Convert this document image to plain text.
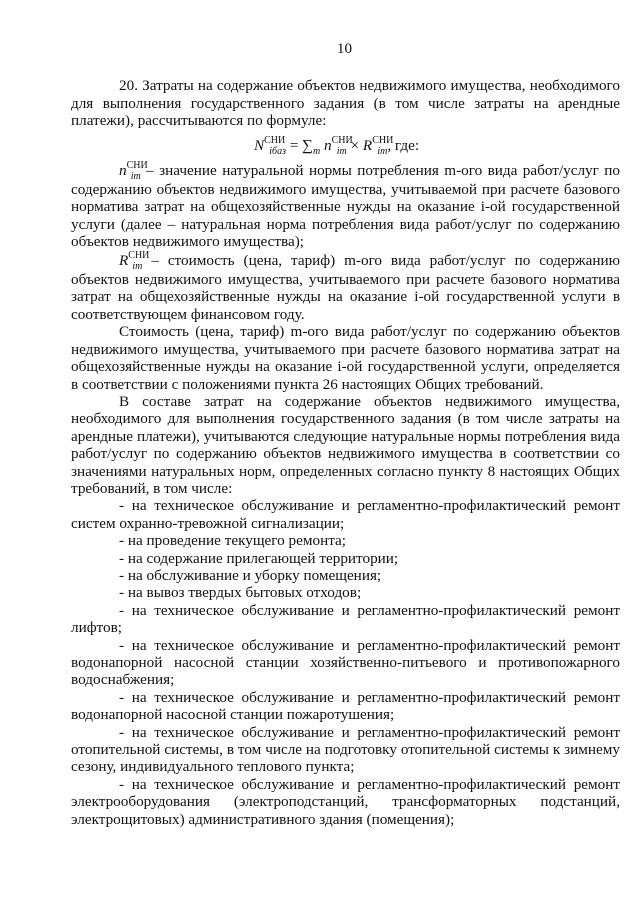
10

20. Затраты на содержание объектов недвижимого имущества, необходимого для выполнения государственного задания (в том числе затраты на арендные платежи), рассчитываются по формуле:

$N^{СНИ}_{iбаз} = \sum_m$ $n^{СНИ}_{im} \times R^{СНИ}_{im}$, где:

$n^{СНИ}_{im}$ – значение натуральной нормы потребления m-ого вида работ/услуг по содержанию объектов недвижимого имущества, учитываемой при расчете базового норматива затрат на общехозяйственные нужды на оказание i-ой государственной услуги (далее – натуральная норма потребления вида работ/услуг по содержанию объектов недвижимого имущества);

$R^{СНИ}_{im}$ – стоимость (цена, тариф) m-ого вида работ/услуг по содержанию объектов недвижимого имущества, учитываемого при расчете базового норматива затрат на общехозяйственные нужды на оказание i-ой государственной услуги в соответствующем финансовом году.

Стоимость (цена, тариф) m-ого вида работ/услуг по содержанию объектов недвижимого имущества, учитываемого при расчете базового норматива затрат на общехозяйственные нужды на оказание i-ой государственной услуги, определяется в соответствии с положениями пункта 26 настоящих Общих требований.

В составе затрат на содержание объектов недвижимого имущества, необходимого для выполнения государственного задания (в том числе затраты на арендные платежи), учитываются следующие натуральные нормы потребления вида работ/услуг по содержанию объектов недвижимого имущества в соответствии со значениями натуральных норм, определенных согласно пункту 8 настоящих Общих требований, в том числе:

- на техническое обслуживание и регламентно-профилактический ремонт систем охранно-тревожной сигнализации;

- на проведение текущего ремонта;

- на содержание прилегающей территории;

- на обслуживание и уборку помещения;

- на вывоз твердых бытовых отходов;

- на техническое обслуживание и регламентно-профилактический ремонт лифтов;

- на техническое обслуживание и регламентно-профилактический ремонт водонапорной насосной станции хозяйственно-питьевого и противопожарного водоснабжения;

- на техническое обслуживание и регламентно-профилактический ремонт водонапорной насосной станции пожаротушения;

- на техническое обслуживание и регламентно-профилактический ремонт отопительной системы, в том числе на подготовку отопительной системы к зимнему сезону, индивидуального теплового пункта;

- на техническое обслуживание и регламентно-профилактический ремонт электрооборудования (электроподстанций, трансформаторных подстанций, электрощитовых) административного здания (помещения);
